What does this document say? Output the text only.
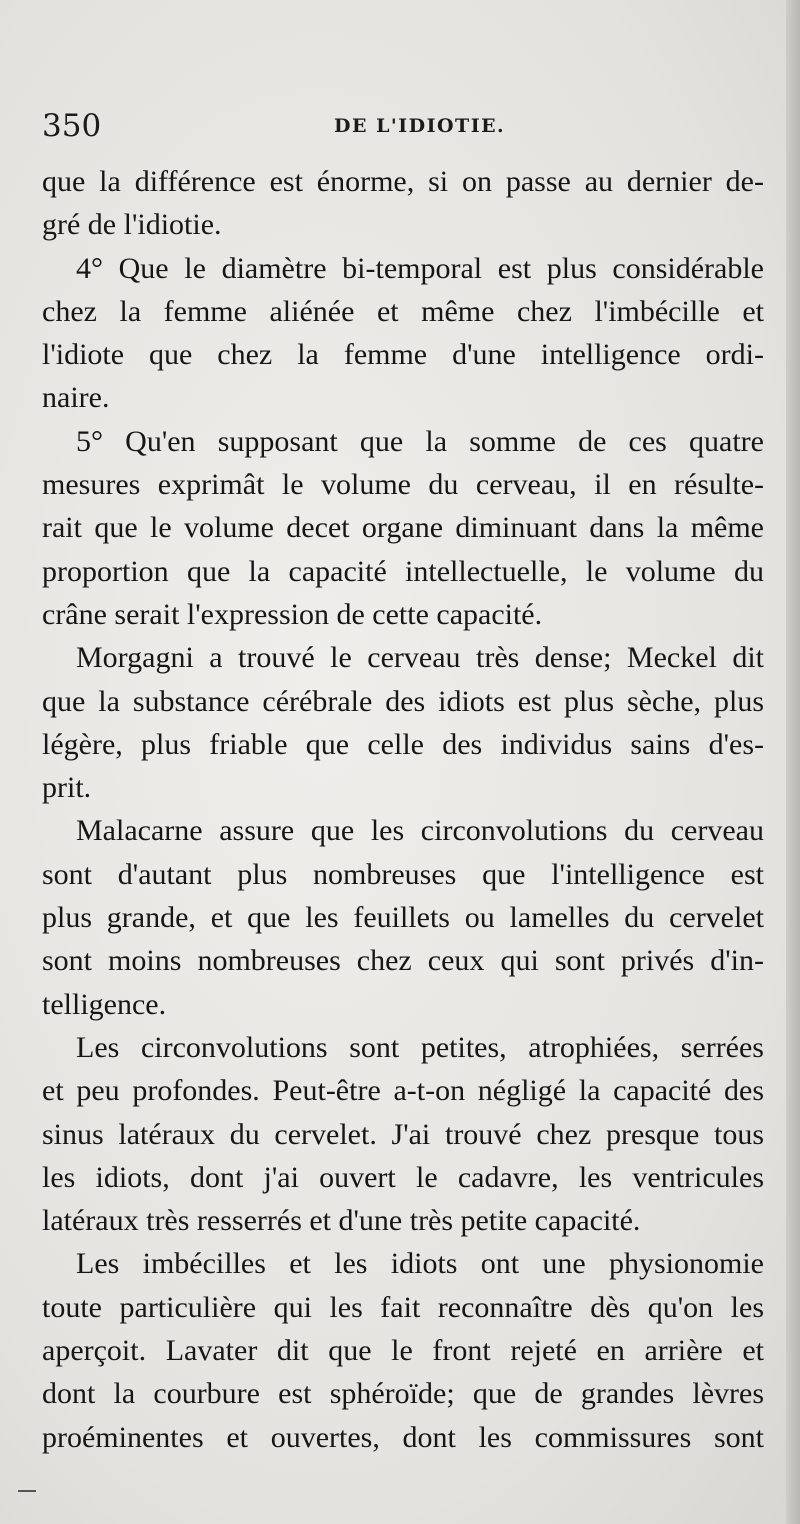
350	DE L'IDIOTIE.
que la différence est énorme, si on passe au dernier de-
gré de l'idiotie.
4° Que le diamètre bi-temporal est plus considérable
chez la femme aliénée et même chez l'imbécille et
l'idiote que chez la femme d'une intelligence ordi-
naire.
5° Qu'en supposant que la somme de ces quatre
mesures exprimât le volume du cerveau, il en résulte-
rait que le volume decet organe diminuant dans la même
proportion que la capacité intellectuelle, le volume du
crâne serait l'expression de cette capacité.
Morgagni a trouvé le cerveau très dense; Meckel dit
que la substance cérébrale des idiots est plus sèche, plus
légère, plus friable que celle des individus sains d'es-
prit.
Malacarne assure que les circonvolutions du cerveau
sont d'autant plus nombreuses que l'intelligence est
plus grande, et que les feuillets ou lamelles du cervelet
sont moins nombreuses chez ceux qui sont privés d'in-
telligence.
Les circonvolutions sont petites, atrophiées, serrées
et peu profondes. Peut-être a-t-on négligé la capacité des
sinus latéraux du cervelet. J'ai trouvé chez presque tous
les idiots, dont j'ai ouvert le cadavre, les ventricules
latéraux très resserrés et d'une très petite capacité.
Les imbécilles et les idiots ont une physionomie
toute particulière qui les fait reconnaître dès qu'on les
aperçoit. Lavater dit que le front rejeté en arrière et
dont la courbure est sphéroïde; que de grandes lèvres
proéminentes et ouvertes, dont les commissures sont
